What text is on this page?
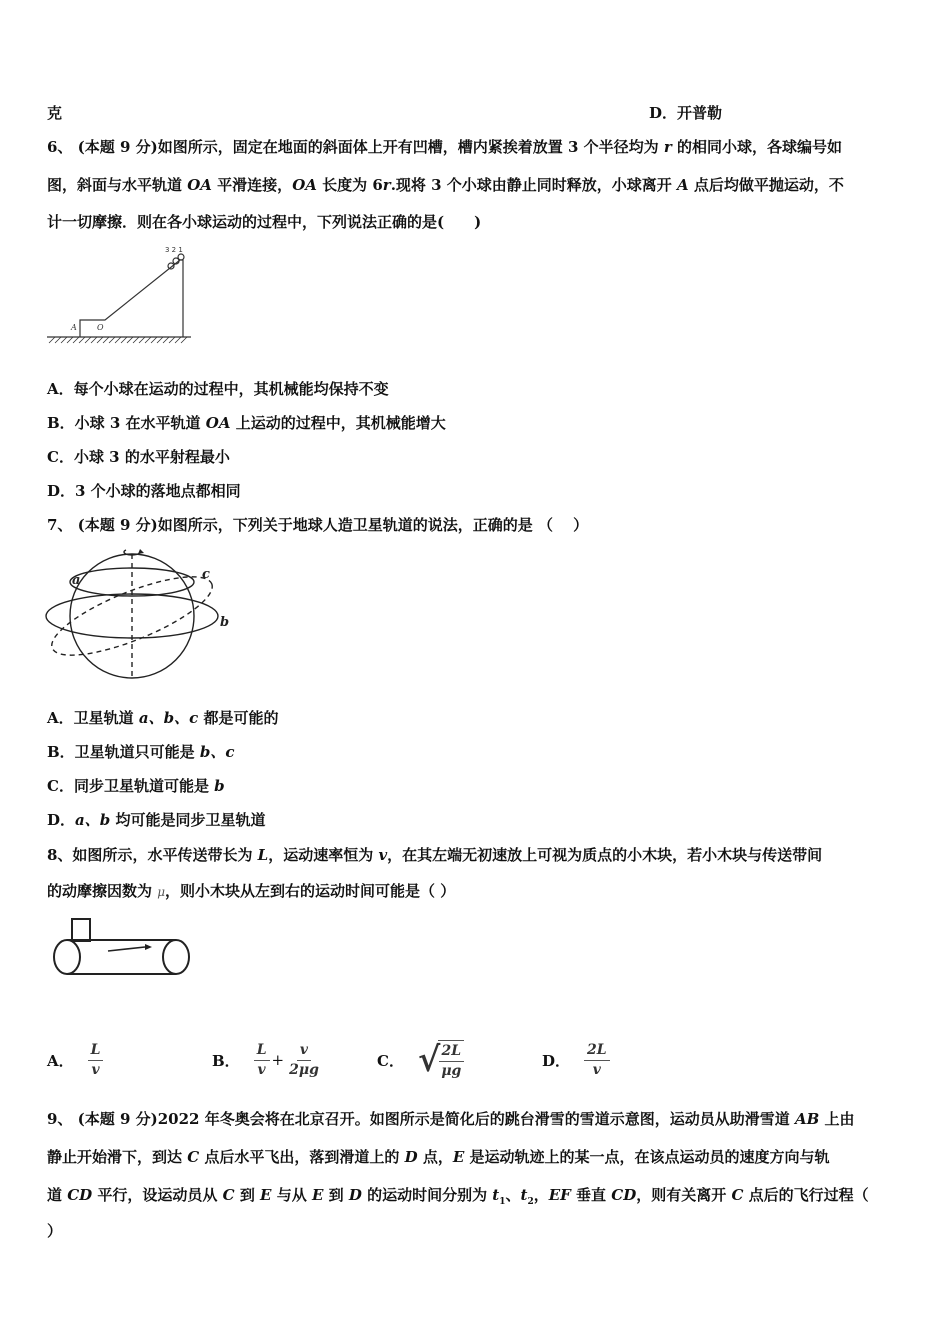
克	D．开普勒
6、 (本题 9 分)如图所示，固定在地面的斜面体上开有凹槽，槽内紧挨着放置 3 个半径均为 r 的相同小球，各球编号如
图，斜面与水平轨道 OA 平滑连接，OA 长度为 6r.现将 3 个小球由静止同时释放，小球离开 A 点后均做平抛运动，不
计一切摩擦．则在各小球运动的过程中，下列说法正确的是(　　)
A	O
3 2 1
A．每个小球在运动的过程中，其机械能均保持不变
B．小球 3 在水平轨道 OA 上运动的过程中，其机械能增大
C．小球 3 的水平射程最小
D．3 个小球的落地点都相同
7、 (本题 9 分)如图所示，下列关于地球人造卫星轨道的说法，正确的是 （　 ）
a
b
c
A．卫星轨道 a、b、c 都是可能的
B．卫星轨道只可能是 b、c
C．同步卫星轨道可能是 b
D．a、b 均可能是同步卫星轨道
8、如图所示，水平传送带长为 L，运动速率恒为 v，在其左端无初速放上可视为质点的小木块，若小木块与传送带间
的动摩擦因数为 μ，则小木块从左到右的运动时间可能是（ ）
A． $\frac{L}{v}$	B． $\frac{L}{v} + \frac{v}{2\mu g}$	C． √
$\frac{2L}{\mu g}$	D． $\frac{2L}{v}$
9、 (本题 9 分)2022 年冬奥会将在北京召开。如图所示是简化后的跳台滑雪的雪道示意图，运动员从助滑雪道 AB 上由
静止开始滑下，到达 C 点后水平飞出，落到滑道上的 D 点，E 是运动轨迹上的某一点，在该点运动员的速度方向与轨
道 CD 平行，设运动员从 C 到 E 与从 E 到 D 的运动时间分别为 $t_1$、$t_2$，EF 垂直 CD，则有关离开 C 点后的飞行过程（
）
